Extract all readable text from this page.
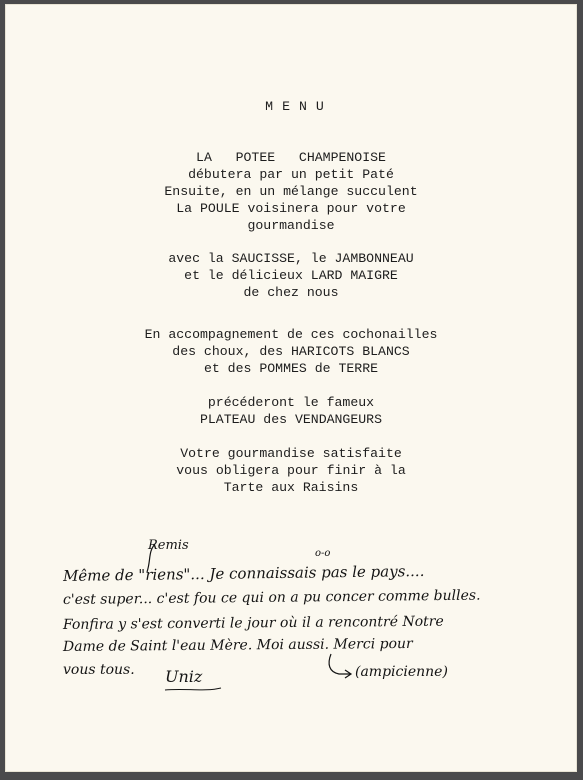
MENU
LA   POTEE   CHAMPENOISE
débutera par un petit Paté
Ensuite, en un mélange succulent
La POULE voisinera pour votre
gourmandise
avec la SAUCISSE, le JAMBONNEAU
et le délicieux LARD MAIGRE
de chez nous
En accompagnement de ces cochonailles
des choux, des HARICOTS BLANCS
et des POMMES de TERRE
précéderont le fameux
PLATEAU des VENDANGEURS
Votre gourmandise satisfaite
vous obligera pour finir à la
Tarte aux Raisins
Remis
o-o
Même de "riens"... Je connaissais pas le pays....
c'est super... c'est fou ce qui on a pu concer comme bulles.
Fonfira y s'est converti le jour où il a rencontré Notre
Dame de Saint l'eau Mère. Moi aussi. Merci pour
vous tous. Uniz	(ampicienne)
